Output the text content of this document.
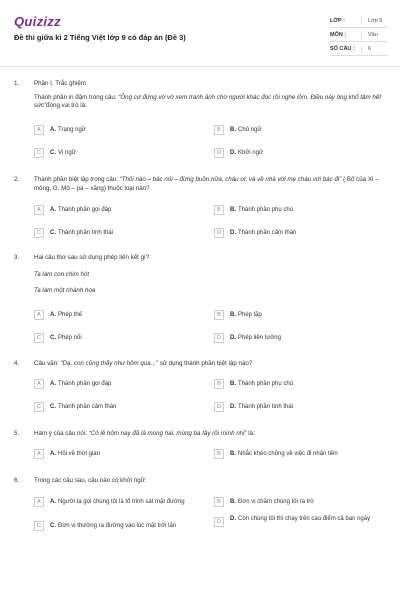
Quizizz
Đề thi giữa kì 2 Tiếng Việt lớp 9 có đáp án (Đề 3)
LỚP :	Lớp 9
MÔN :	Văn
SỐ CÂU :	6
1. Phần I. Trắc ghiệm
Thành phần in đậm trong câu: “Ông cứ đứng vờ vờ xem tranh ảnh chờ người khác đọc rồi nghe lỏm. Điều này ông khổ tâm hết sức”đóng vai trò là:
A	A. Trạng ngữ	B	B. Chủ ngữ
C	C. Vị ngữ	D	D. Khởi ngữ
2. Thành phần biệt lập trong câu: “Thôi nào – bác nói – đừng buồn nữa, cháu ơi, và về nhà với mẹ cháu với bác đi” ( Bố của Xi – mông, G. Mô – pa – xăng) thuộc loại nào?
A	A. Thành phần gọi đáp	B	B. Thành phần phụ chú
C	C. Thành phần tình thái	D	D. Thành phần cảm thán
3. Hai câu thơ sau sử dụng phép liên kết gì?
Ta làm con chim hót
Ta làm một nhành hoa
A	A. Phép thế	B	B. Phép lặp
C	C. Phép nối	D	D. Phép liên tưởng
4. Câu văn: “Dạ, con cũng thấy như hôm qua...” sử dụng thành phần biệt lập nào?
A	A. Thành phần gọi đáp	B	B. Thành phần phụ chú
C	C. Thành phần cảm thán	D	D. Thành phần tình thái
5. Hàm ý của câu nói: “Có lẽ hôm nay đã là mùng hai, mùng ba tây rồi mình nhỉ” là:
A	A. Hỏi về thời gian	B	B. Nhắc khéo chồng về việc đi nhận tiền
6. Trong các câu sau, câu nào có khởi ngữ:
A	A. Người ta gọi chúng tôi là tổ trinh sát mặt đường	B	B. Đơn vị chăm chúng tôi ra trò
C	C. Đơn vị thường ra đường vào lúc mặt trời lặn
D	D. Còn chúng tôi thì chạy trên cao điểm cả ban ngày
